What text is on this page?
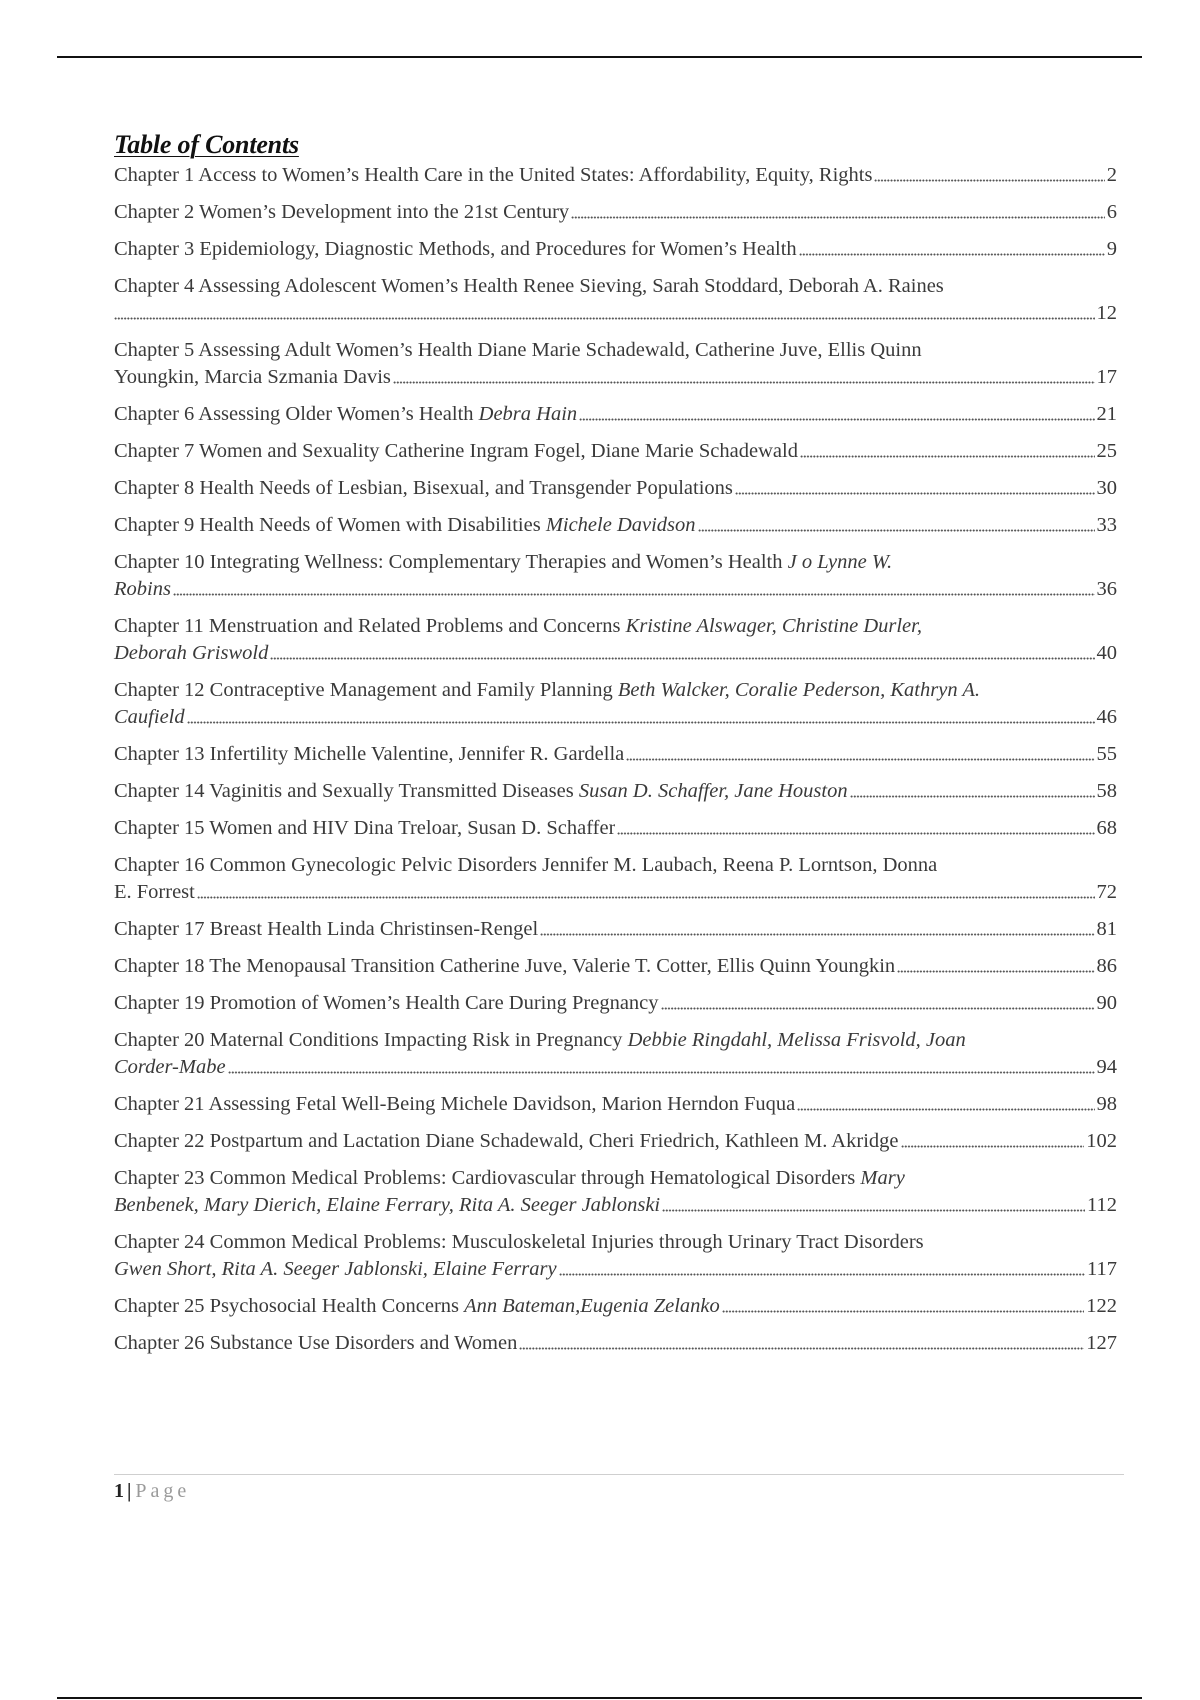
Table of Contents
Chapter 1 Access to Women’s Health Care in the United States: Affordability, Equity, Rights	2
Chapter 2 Women’s Development into the 21st Century	6
Chapter 3 Epidemiology, Diagnostic Methods, and Procedures for Women’s Health	9
Chapter 4 Assessing Adolescent Women’s Health Renee Sieving, Sarah Stoddard, Deborah A. Raines
12
Chapter 5 Assessing Adult Women’s Health Diane Marie Schadewald, Catherine Juve, Ellis Quinn
Youngkin, Marcia Szmania Davis	17
Chapter 6 Assessing Older Women’s Health Debra Hain	21
Chapter 7 Women and Sexuality Catherine Ingram Fogel, Diane Marie Schadewald	25
Chapter 8 Health Needs of Lesbian, Bisexual, and Transgender Populations	30
Chapter 9 Health Needs of Women with Disabilities Michele Davidson	33
Chapter 10 Integrating Wellness: Complementary Therapies and Women’s Health J o Lynne W.
Robins	36
Chapter 11 Menstruation and Related Problems and Concerns Kristine Alswager, Christine Durler,
Deborah Griswold	40
Chapter 12 Contraceptive Management and Family Planning Beth Walcker, Coralie Pederson, Kathryn A.
Caufield	46
Chapter 13 Infertility Michelle Valentine, Jennifer R. Gardella	55
Chapter 14 Vaginitis and Sexually Transmitted Diseases Susan D. Schaffer, Jane Houston	58
Chapter 15 Women and HIV Dina Treloar, Susan D. Schaffer	68
Chapter 16 Common Gynecologic Pelvic Disorders Jennifer M. Laubach, Reena P. Lorntson, Donna
E. Forrest	72
Chapter 17 Breast Health Linda Christinsen-Rengel	81
Chapter 18 The Menopausal Transition Catherine Juve, Valerie T. Cotter, Ellis Quinn Youngkin	86
Chapter 19 Promotion of Women’s Health Care During Pregnancy	90
Chapter 20 Maternal Conditions Impacting Risk in Pregnancy Debbie Ringdahl, Melissa Frisvold, Joan
Corder-Mabe	94
Chapter 21 Assessing Fetal Well-Being Michele Davidson, Marion Herndon Fuqua	98
Chapter 22 Postpartum and Lactation Diane Schadewald, Cheri Friedrich, Kathleen M. Akridge	102
Chapter 23 Common Medical Problems: Cardiovascular through Hematological Disorders Mary
Benbenek, Mary Dierich, Elaine Ferrary, Rita A. Seeger Jablonski	112
Chapter 24 Common Medical Problems: Musculoskeletal Injuries through Urinary Tract Disorders
Gwen Short, Rita A. Seeger Jablonski, Elaine Ferrary	117
Chapter 25 Psychosocial Health Concerns Ann Bateman,Eugenia Zelanko	122
Chapter 26 Substance Use Disorders and Women	127
1 | Page
